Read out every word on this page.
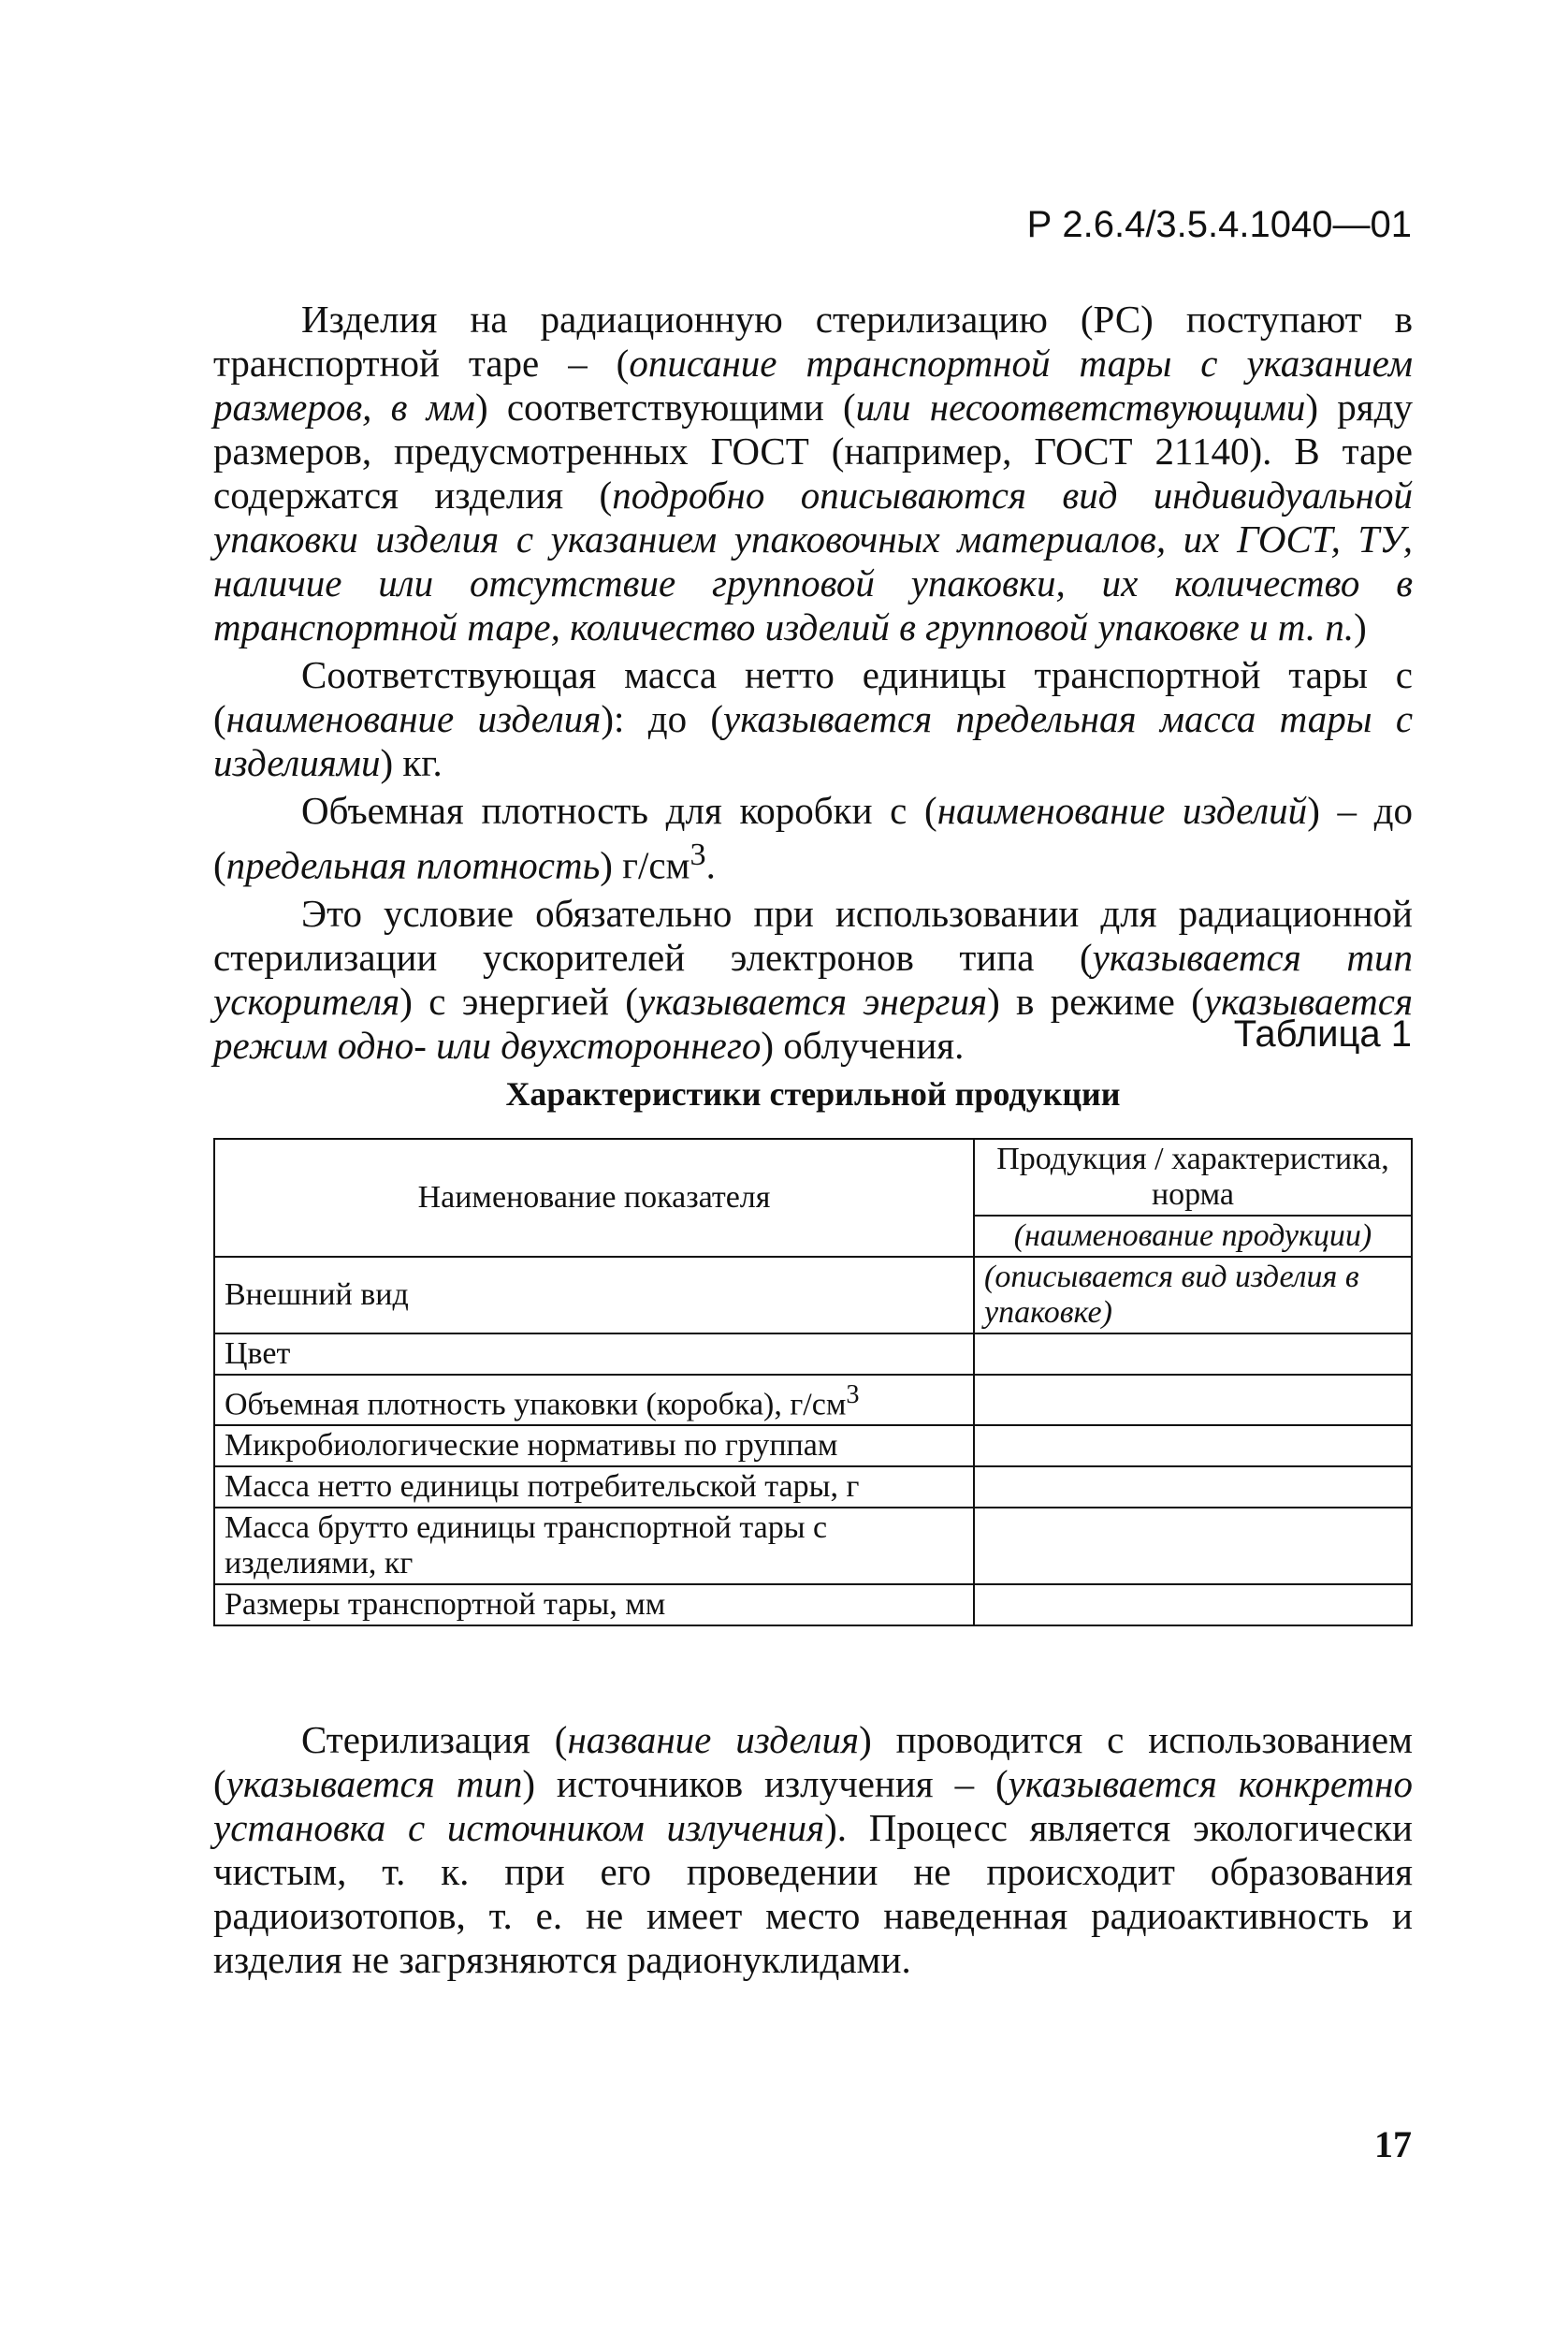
Р 2.6.4/3.5.4.1040—01

Изделия на радиационную стерилизацию (РС) поступают в транспортной таре – (описание транспортной тары с указанием размеров, в мм) соответствующими (или несоответствующими) ряду размеров, предусмотренных ГОСТ (например, ГОСТ 21140). В таре содержатся изделия (подробно описываются вид индивидуальной упаковки изделия с указанием упаковочных материалов, их ГОСТ, ТУ, наличие или отсутствие групповой упаковки, их количество в транспортной таре, количество изделий в групповой упаковке и т. п.)

Соответствующая масса нетто единицы транспортной тары с (наименование изделия): до (указывается предельная масса тары с изделиями) кг.

Объемная плотность для коробки с (наименование изделий) – до (предельная плотность) $г/см^3$.

Это условие обязательно при использовании для радиационной стерилизации ускорителей электронов типа (указывается тип ускорителя) с энергией (указывается энергия) в режиме (указывается режим одно- или двухстороннего) облучения.	Таблица 1
Характеристики стерильной продукции
Наименование показателя	Продукция / характеристика, норма
	(наименование продукции)
Внешний вид	(описывается вид изделия в упаковке)
Цвет	
Объемная плотность упаковки (коробка), $г/см^3$	
Микробиологические нормативы по группам	
Масса нетто единицы потребительской тары, г	
Масса брутто единицы транспортной тары с изделиями, кг	
Размеры транспортной тары, мм	

Стерилизация (название изделия) проводится с использованием (указывается тип) источников излучения – (указывается конкретно установка с источником излучения). Процесс является экологически чистым, т. к. при его проведении не происходит образования радиоизотопов, т. е. не имеет место наведенная радиоактивность и изделия не загрязняются радионуклидами.

17
